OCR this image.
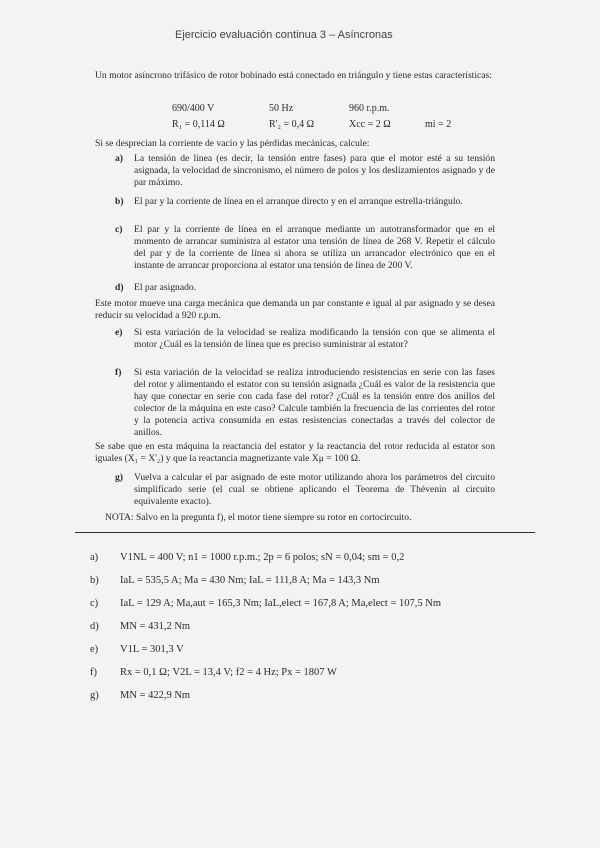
Ejercicio evaluación continua 3 – Asíncronas
Un motor asíncrono trifásico de rotor bobinado está conectado en triángulo y tiene estas características:
690/400 V	50 Hz	960 r.p.m.
R₁ = 0,114 Ω	R'₂ = 0,4 Ω	Xcc = 2 Ω	mi = 2
Si se desprecian la corriente de vacío y las pérdidas mecánicas, calcule:
a) La tensión de línea (es decir, la tensión entre fases) para que el motor esté a su tensión asignada, la velocidad de sincronismo, el número de polos y los deslizamientos asignado y de par máximo.
b) El par y la corriente de línea en el arranque directo y en el arranque estrella-triángulo.
c) El par y la corriente de línea en el arranque mediante un autotransformador que en el momento de arrancar suministra al estator una tensión de línea de 268 V. Repetir el cálculo del par y de la corriente de línea si ahora se utiliza un arrancador electrónico que en el instante de arrancar proporciona al estator una tensión de línea de 200 V.
d) El par asignado.
Este motor mueve una carga mecánica que demanda un par constante e igual al par asignado y se desea reducir su velocidad a 920 r.p.m.
e) Si esta variación de la velocidad se realiza modificando la tensión con que se alimenta el motor ¿Cuál es la tensión de línea que es preciso suministrar al estator?
f) Si esta variación de la velocidad se realiza introduciendo resistencias en serie con las fases del rotor y alimentando el estator con su tensión asignada ¿Cuál es valor de la resistencia que hay que conectar en serie con cada fase del rotor? ¿Cuál es la tensión entre dos anillos del colector de la máquina en este caso? Calcule también la frecuencia de las corrientes del rotor y la potencia activa consumida en estas resistencias conectadas a través del colector de anillos.
Se sabe que en esta máquina la reactancia del estator y la reactancia del rotor reducida al estator son iguales (X₁ = X'₂) y que la reactancia magnetizante vale Xμ = 100 Ω.
g) Vuelva a calcular el par asignado de este motor utilizando ahora los parámetros del circuito simplificado serie (el cual se obtiene aplicando el Teorema de Thévenin al circuito equivalente exacto).
NOTA: Salvo en la pregunta f), el motor tiene siempre su rotor en cortocircuito.
a) V1NL = 400 V; n1 = 1000 r.p.m.; 2p = 6 polos; sN = 0,04; sm = 0,2
b) IaL = 535,5 A; Ma = 430 Nm; IaL = 111,8 A; Ma = 143,3 Nm
c) IaL = 129 A; Ma,aut = 165,3 Nm; IaL,elect = 167,8 A; Ma,elect = 107,5 Nm
d) MN = 431,2 Nm
e) V1L = 301,3 V
f) Rx = 0,1 Ω; V2L = 13,4 V; f2 = 4 Hz; Px = 1807 W
g) MN = 422,9 Nm
